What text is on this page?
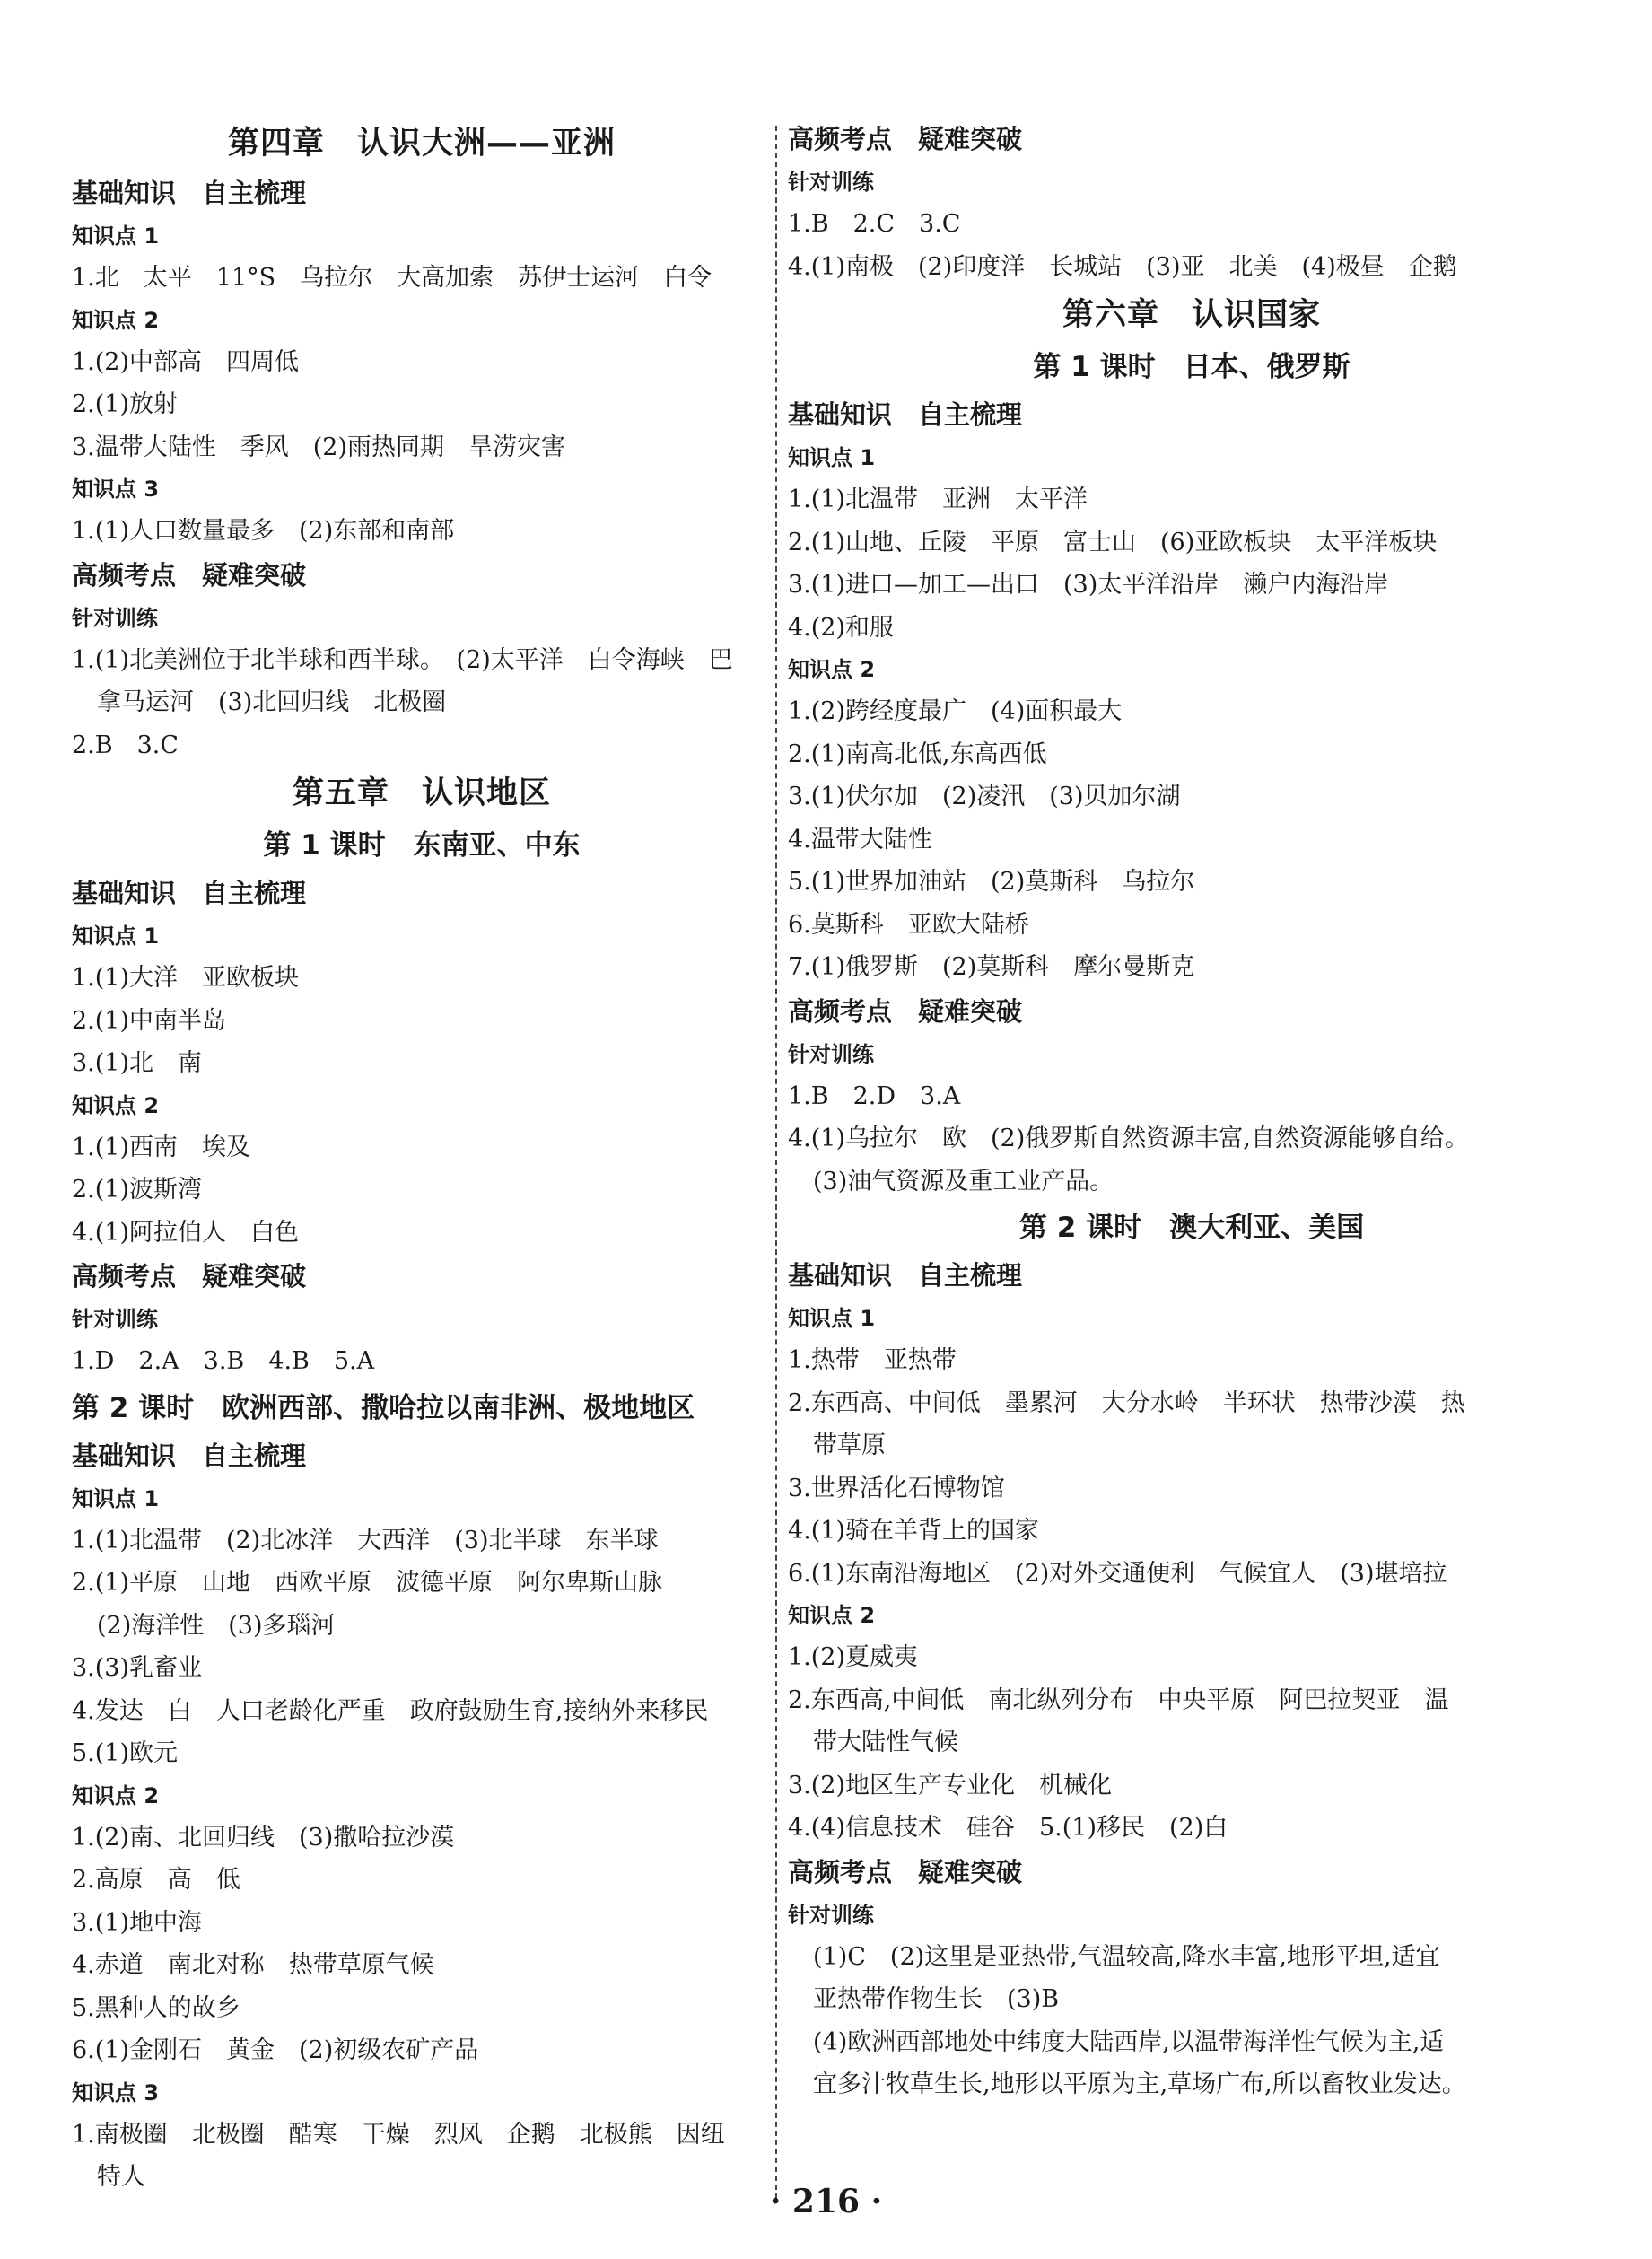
第四章　认识大洲——亚洲
基础知识　自主梳理
知识点 1
1.北　太平　11°S　乌拉尔　大高加索　苏伊士运河　白令
知识点 2
1.(2)中部高　四周低
2.(1)放射
3.温带大陆性　季风　(2)雨热同期　旱涝灾害
知识点 3
1.(1)人口数量最多　(2)东部和南部
高频考点　疑难突破
针对训练
1.(1)北美洲位于北半球和西半球。　(2)太平洋　白令海峡　巴
拿马运河　(3)北回归线　北极圈
2.B　3.C
第五章　认识地区
第 1 课时　东南亚、中东
基础知识　自主梳理
知识点 1
1.(1)大洋　亚欧板块
2.(1)中南半岛
3.(1)北　南
知识点 2
1.(1)西南　埃及
2.(1)波斯湾
4.(1)阿拉伯人　白色
高频考点　疑难突破
针对训练
1.D　2.A　3.B　4.B　5.A
第 2 课时　欧洲西部、撒哈拉以南非洲、极地地区
基础知识　自主梳理
知识点 1
1.(1)北温带　(2)北冰洋　大西洋　(3)北半球　东半球
2.(1)平原　山地　西欧平原　波德平原　阿尔卑斯山脉
(2)海洋性　(3)多瑙河
3.(3)乳畜业
4.发达　白　人口老龄化严重　政府鼓励生育,接纳外来移民
5.(1)欧元
知识点 2
1.(2)南、北回归线　(3)撒哈拉沙漠
2.高原　高　低
3.(1)地中海
4.赤道　南北对称　热带草原气候
5.黑种人的故乡
6.(1)金刚石　黄金　(2)初级农矿产品
知识点 3
1.南极圈　北极圈　酷寒　干燥　烈风　企鹅　北极熊　因纽
特人
高频考点　疑难突破
针对训练
1.B　2.C　3.C
4.(1)南极　(2)印度洋　长城站　(3)亚　北美　(4)极昼　企鹅
第六章　认识国家
第 1 课时　日本、俄罗斯
基础知识　自主梳理
知识点 1
1.(1)北温带　亚洲　太平洋
2.(1)山地、丘陵　平原　富士山　(6)亚欧板块　太平洋板块
3.(1)进口—加工—出口　(3)太平洋沿岸　濑户内海沿岸
4.(2)和服
知识点 2
1.(2)跨经度最广　(4)面积最大
2.(1)南高北低,东高西低
3.(1)伏尔加　(2)凌汛　(3)贝加尔湖
4.温带大陆性
5.(1)世界加油站　(2)莫斯科　乌拉尔
6.莫斯科　亚欧大陆桥
7.(1)俄罗斯　(2)莫斯科　摩尔曼斯克
高频考点　疑难突破
针对训练
1.B　2.D　3.A
4.(1)乌拉尔　欧　(2)俄罗斯自然资源丰富,自然资源能够自给。
(3)油气资源及重工业产品。
第 2 课时　澳大利亚、美国
基础知识　自主梳理
知识点 1
1.热带　亚热带
2.东西高、中间低　墨累河　大分水岭　半环状　热带沙漠　热
带草原
3.世界活化石博物馆
4.(1)骑在羊背上的国家
6.(1)东南沿海地区　(2)对外交通便利　气候宜人　(3)堪培拉
知识点 2
1.(2)夏威夷
2.东西高,中间低　南北纵列分布　中央平原　阿巴拉契亚　温
带大陆性气候
3.(2)地区生产专业化　机械化
4.(4)信息技术　硅谷　5.(1)移民　(2)白
高频考点　疑难突破
针对训练
(1)C　(2)这里是亚热带,气温较高,降水丰富,地形平坦,适宜
亚热带作物生长　(3)B
(4)欧洲西部地处中纬度大陆西岸,以温带海洋性气候为主,适
宜多汁牧草生长,地形以平原为主,草场广布,所以畜牧业发达。
· 216 ·
